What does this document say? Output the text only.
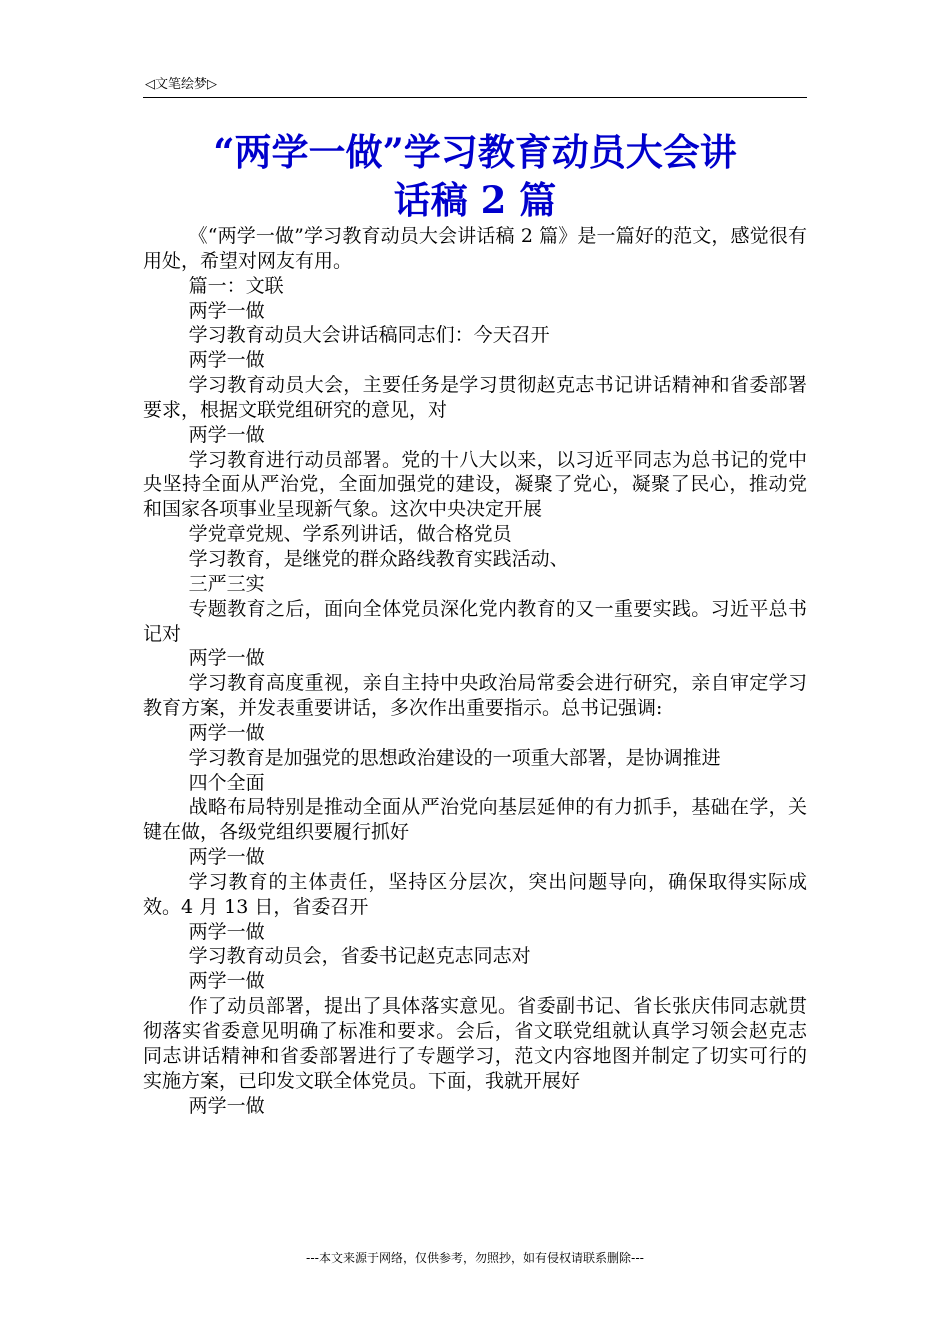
◁文笔绘梦▷
“两学一做”学习教育动员大会讲
话稿 2 篇

《“两学一做”学习教育动员大会讲话稿 2 篇》是一篇好的范文，感觉很有用处，希望对网友有用。

篇一：文联

两学一做

学习教育动员大会讲话稿同志们：今天召开

两学一做

学习教育动员大会，主要任务是学习贯彻赵克志书记讲话精神和省委部署要求，根据文联党组研究的意见，对

两学一做

学习教育进行动员部署。党的十八大以来，以习近平同志为总书记的党中央坚持全面从严治党，全面加强党的建设，凝聚了党心，凝聚了民心，推动党和国家各项事业呈现新气象。这次中央决定开展

学党章党规、学系列讲话，做合格党员

学习教育，是继党的群众路线教育实践活动、

三严三实

专题教育之后，面向全体党员深化党内教育的又一重要实践。习近平总书记对

两学一做

学习教育高度重视，亲自主持中央政治局常委会进行研究，亲自审定学习教育方案，并发表重要讲话，多次作出重要指示。总书记强调:

两学一做

学习教育是加强党的思想政治建设的一项重大部署，是协调推进

四个全面

战略布局特别是推动全面从严治党向基层延伸的有力抓手，基础在学，关键在做，各级党组织要履行抓好

两学一做

学习教育的主体责任，坚持区分层次，突出问题导向，确保取得实际成效。4 月 13 日，省委召开

两学一做

学习教育动员会，省委书记赵克志同志对

两学一做

作了动员部署，提出了具体落实意见。省委副书记、省长张庆伟同志就贯彻落实省委意见明确了标准和要求。会后，省文联党组就认真学习领会赵克志同志讲话精神和省委部署进行了专题学习，范文内容地图并制定了切实可行的实施方案，已印发文联全体党员。下面，我就开展好

两学一做

---本文来源于网络，仅供参考，勿照抄，如有侵权请联系删除---
